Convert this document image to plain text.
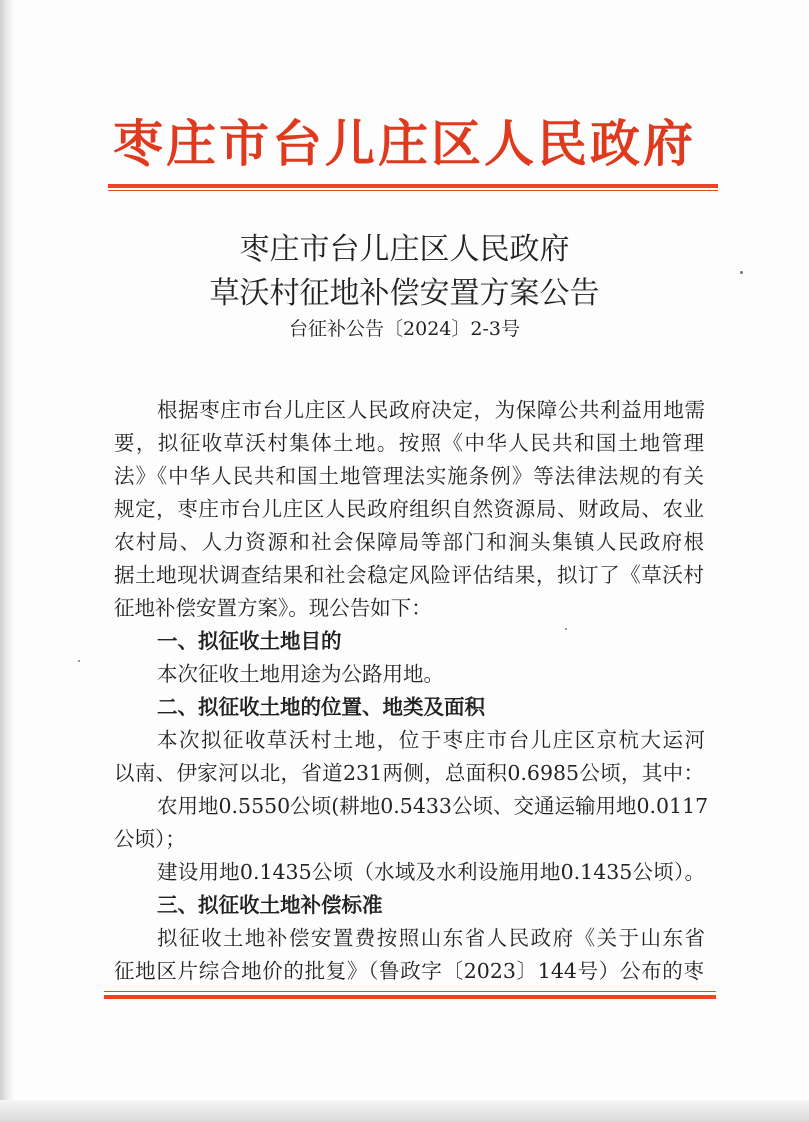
枣庄市台儿庄区人民政府
枣庄市台儿庄区人民政府
草沃村征地补偿安置方案公告
台征补公告〔2024〕2-3号
根据枣庄市台儿庄区人民政府决定，为保障公共利益用地需
要，拟征收草沃村集体土地。按照《中华人民共和国土地管理
法》《中华人民共和国土地管理法实施条例》等法律法规的有关
规定，枣庄市台儿庄区人民政府组织自然资源局、财政局、农业
农村局、人力资源和社会保障局等部门和涧头集镇人民政府根
据土地现状调查结果和社会稳定风险评估结果，拟订了《草沃村
征地补偿安置方案》。现公告如下：
一、拟征收土地目的
本次征收土地用途为公路用地。
二、拟征收土地的位置、地类及面积
本次拟征收草沃村土地，位于枣庄市台儿庄区京杭大运河
以南、伊家河以北，省道231两侧，总面积0.6985公顷，其中：
农用地0.5550公顷(耕地0.5433公顷、交通运输用地0.0117
公顷）；
建设用地0.1435公顷（水域及水利设施用地0.1435公顷）。
三、拟征收土地补偿标准
拟征收土地补偿安置费按照山东省人民政府《关于山东省
征地区片综合地价的批复》（鲁政字〔2023〕144号）公布的枣
